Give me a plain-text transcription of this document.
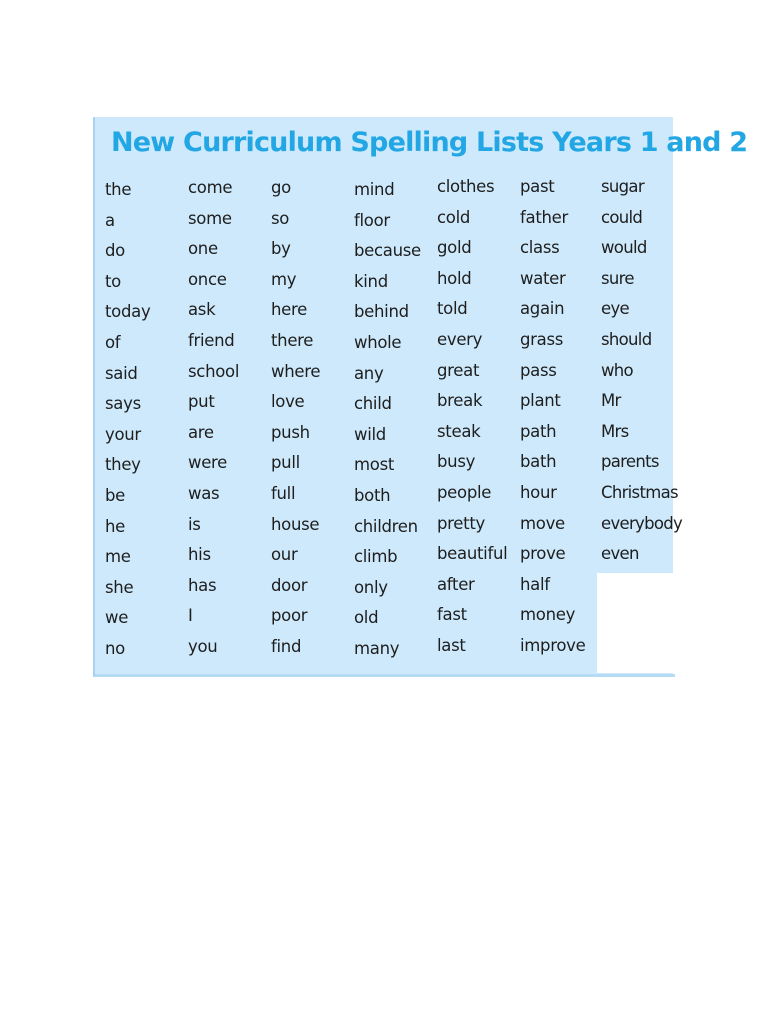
New Curriculum Spelling Lists Years 1 and 2
the
a
do
to
today
of
said
says
your
they
be
he
me
she
we
no
come
some
one
once
ask
friend
school
put
are
were
was
is
his
has
I
you
go
so
by
my
here
there
where
love
push
pull
full
house
our
door
poor
find
mind
floor
because
kind
behind
whole
any
child
wild
most
both
children
climb
only
old
many
clothes
cold
gold
hold
told
every
great
break
steak
busy
people
pretty
beautiful
after
fast
last
past
father
class
water
again
grass
pass
plant
path
bath
hour
move
prove
half
money
improve
sugar
could
would
sure
eye
should
who
Mr
Mrs
parents
Christmas
everybody
even
